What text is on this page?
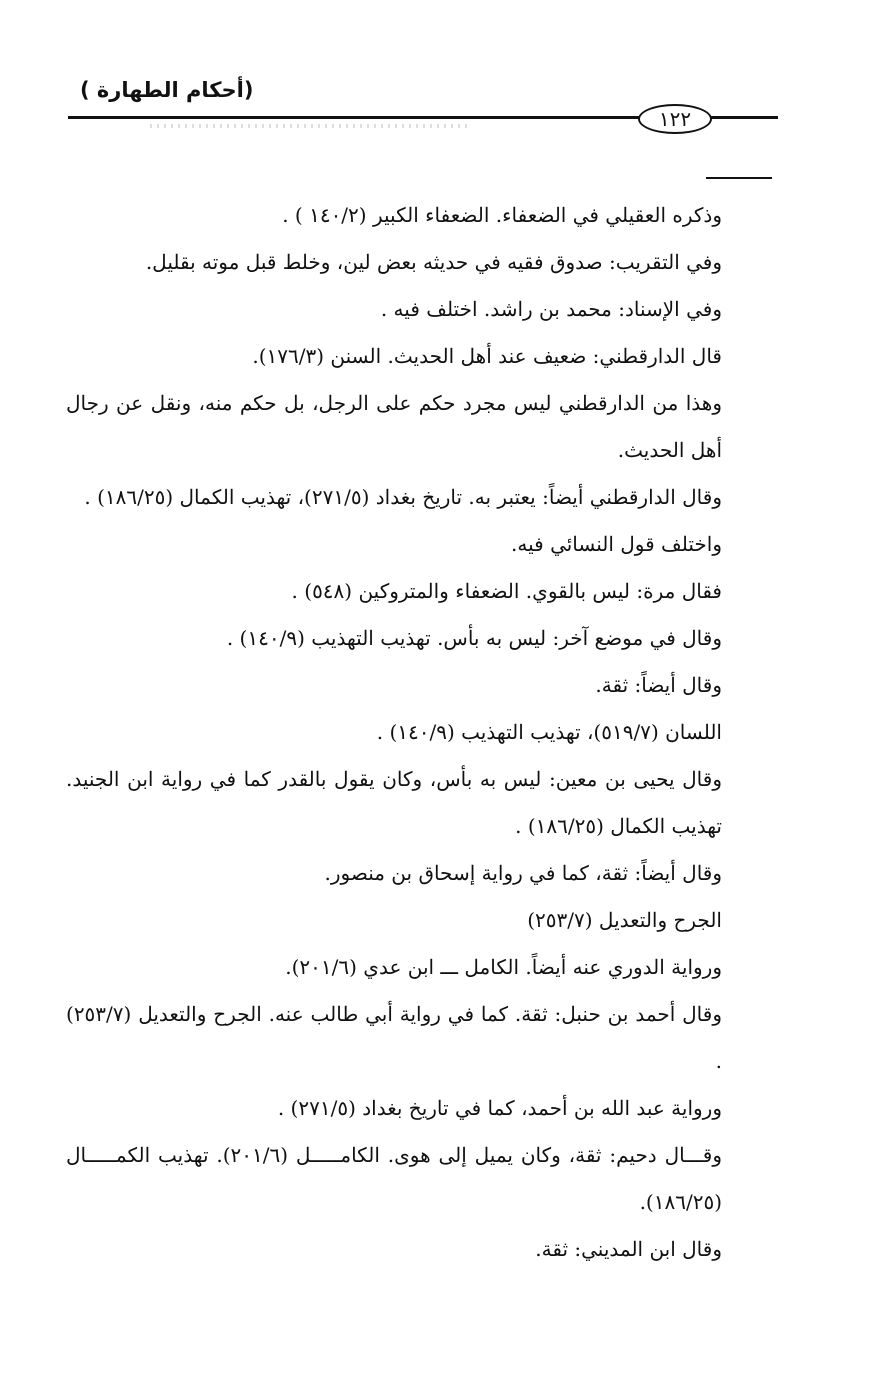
(أحكام الطهارة )
١٢٢

وذكره العقيلي في الضعفاء. الضعفاء الكبير (١٤٠/٢ ) .

وفي التقريب: صدوق فقيه في حديثه بعض لين، وخلط قبل موته بقليل.

وفي الإسناد: محمد بن راشد. اختلف فيه .

قال الدارقطني: ضعيف عند أهل الحديث. السنن (١٧٦/٣).

وهذا من الدارقطني ليس مجرد حكم على الرجل، بل حكم منه، ونقل عن رجال أهل الحديث.

وقال الدارقطني أيضاً: يعتبر به. تاريخ بغداد (٢٧١/٥)، تهذيب الكمال (١٨٦/٢٥) .

واختلف قول النسائي فيه.

فقال مرة: ليس بالقوي. الضعفاء والمتروكين (٥٤٨) .

وقال في موضع آخر: ليس به بأس. تهذيب التهذيب (١٤٠/٩) .

وقال أيضاً: ثقة.

اللسان (٥١٩/٧)، تهذيب التهذيب (١٤٠/٩) .

وقال يحيى بن معين: ليس به بأس، وكان يقول بالقدر كما في رواية ابن الجنيد. تهذيب الكمال (١٨٦/٢٥) .

وقال أيضاً: ثقة، كما في رواية إسحاق بن منصور.

الجرح والتعديل (٢٥٣/٧)

ورواية الدوري عنه أيضاً. الكامل ـــ ابن عدي (٢٠١/٦).

وقال أحمد بن حنبل: ثقة. كما في رواية أبي طالب عنه. الجرح والتعديل (٢٥٣/٧) .

ورواية عبد الله بن أحمد، كما في تاريخ بغداد (٢٧١/٥) .

وقـــال دحيم: ثقة، وكان يميل إلى هوى. الكامـــــل (٢٠١/٦). تهذيب الكمـــــال (١٨٦/٢٥).

وقال ابن المديني: ثقة.
